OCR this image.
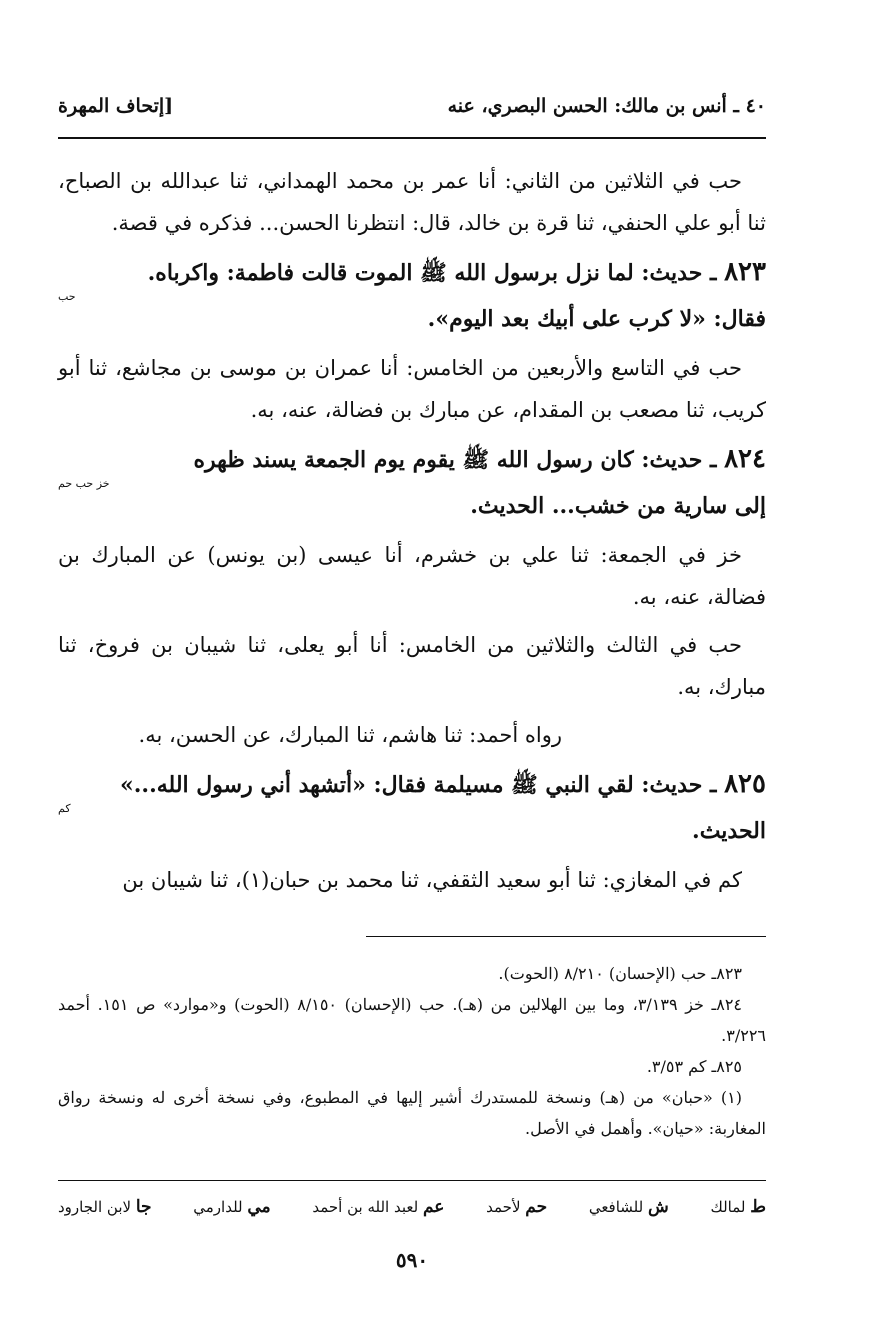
٤٠ ـ أنس بن مالك: الحسن البصري، عنه
[إتحاف المهرة

حب في الثلاثين من الثاني: أنا عمر بن محمد الهمداني، ثنا عبدالله بن الصباح، ثنا أبو علي الحنفي، ثنا قرة بن خالد، قال: انتظرنا الحسن... فذكره في قصة.

٨٢٣ ـ حديث: لما نزل برسول الله ﷺ الموت قالت فاطمة: واكرباه.
حب
فقال: «لا كرب على أبيك بعد اليوم».

حب في التاسع والأربعين من الخامس: أنا عمران بن موسى بن مجاشع، ثنا أبو كريب، ثنا مصعب بن المقدام، عن مبارك بن فضالة، عنه، به.

٨٢٤ ـ حديث: كان رسول الله ﷺ يقوم يوم الجمعة يسند ظهره
خز حب حم
إلى سارية من خشب... الحديث.

خز في الجمعة: ثنا علي بن خشرم، أنا عيسى (بن يونس) عن المبارك بن فضالة، عنه، به.

حب في الثالث والثلاثين من الخامس: أنا أبو يعلى، ثنا شيبان بن فروخ، ثنا مبارك، به.

رواه أحمد: ثنا هاشم، ثنا المبارك، عن الحسن، به.

٨٢٥ ـ حديث: لقي النبي ﷺ مسيلمة فقال: «أتشهد أني رسول الله...»
كم
الحديث.

كم في المغازي: ثنا أبو سعيد الثقفي، ثنا محمد بن حبان(١)، ثنا شيبان بن

٨٢٣ـ حب (الإحسان) ٨/٢١٠ (الحوت).

٨٢٤ـ خز ٣/١٣٩، وما بين الهلالين من (هـ). حب (الإحسان) ٨/١٥٠ (الحوت) و«موارد» ص ١٥١. أحمد ٣/٢٢٦.

٨٢٥ـ كم ٣/٥٣.

(١) «حبان» من (هـ) ونسخة للمستدرك أشير إليها في المطبوع، وفي نسخة أخرى له ونسخة رواق المغاربة: «حيان». وأهمل في الأصل.

ط لمالك
ش للشافعي
حم لأحمد
عم لعبد الله بن أحمد
مي للدارمي
جا لابن الجارود
٥٩٠
